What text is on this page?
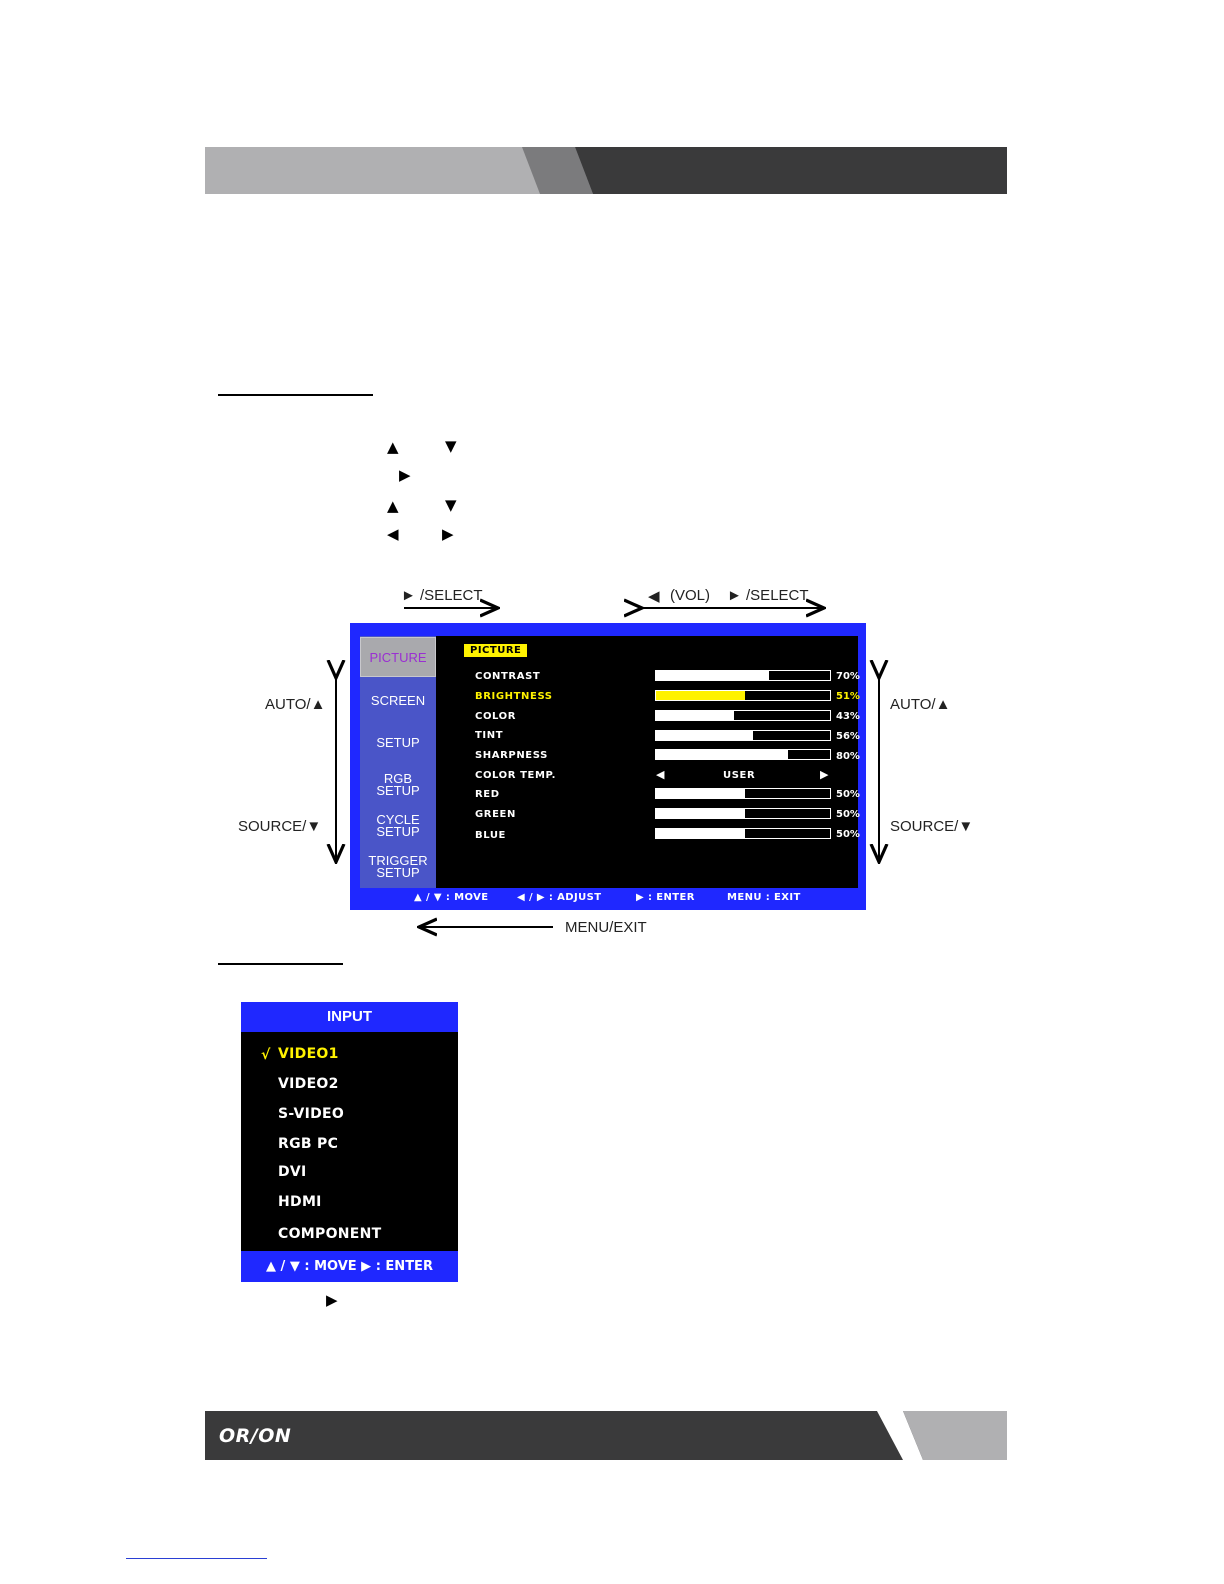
▲	▼
▶
▲	▼
◀	▶
► /SELECT	◀ (VOL) ► /SELECT
AUTO/▲
SOURCE/▼
AUTO/▲
SOURCE/▼
MENU/EXIT
PICTURE
SCREEN
SETUP
RGB
SETUP
CYCLE
SETUP
TRIGGER
SETUP
PICTURE
CONTRAST	70%
BRIGHTNESS	51%
COLOR	43%
TINT	56%
SHARPNESS	80%
COLOR TEMP.	◀	USER	▶
RED	50%
GREEN	50%
BLUE	50%
▲ / ▼ : MOVE	◀ / ▶ : ADJUST	▶ : ENTER	MENU : EXIT
INPUT
√ VIDEO1
VIDEO2
S-VIDEO
RGB PC
DVI
HDMI
COMPONENT
▲ / ▼ : MOVE ▶ : ENTER
▶
OR/ON
